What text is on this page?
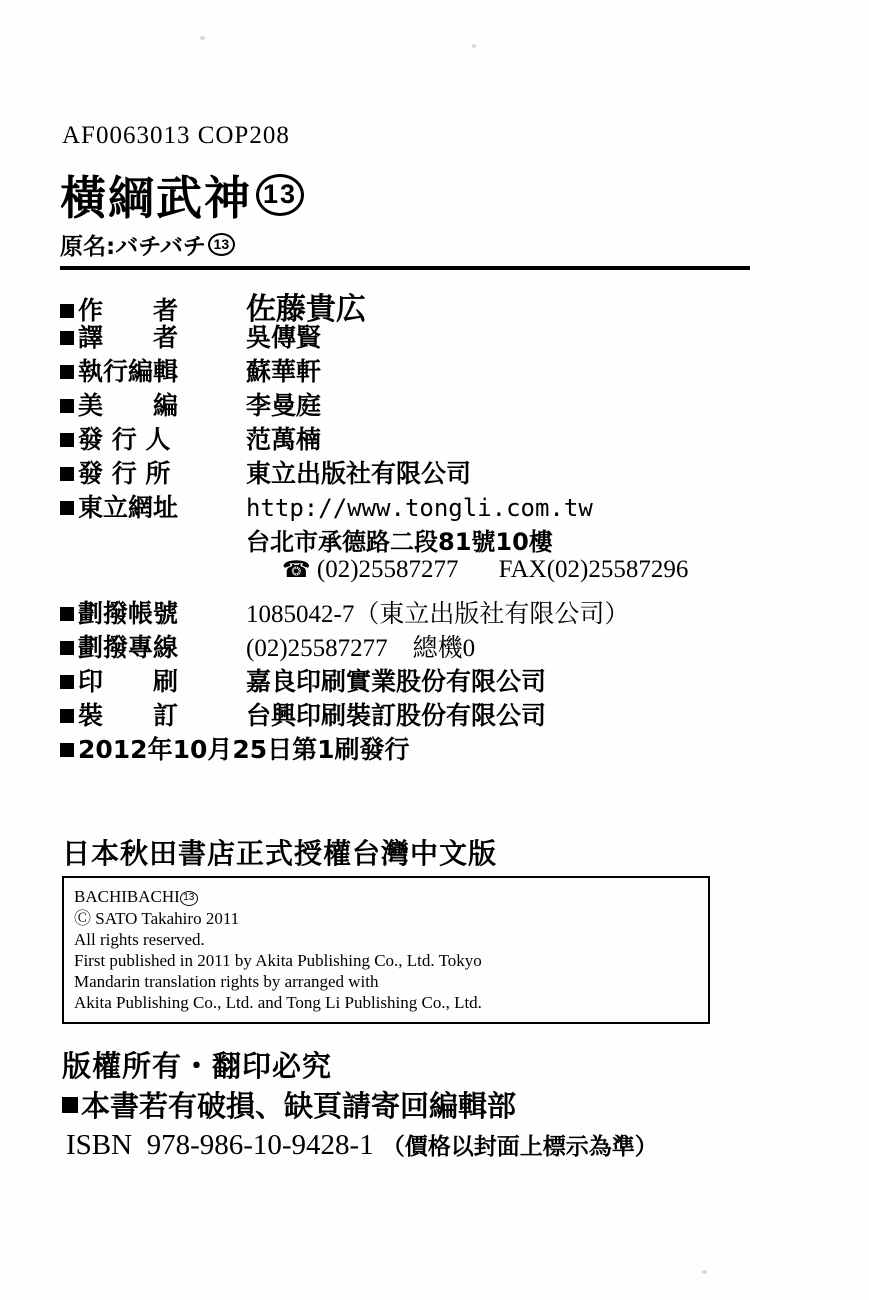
AF0063013 COP208
橫綱武神 13
原名:バチバチ 13
作　　者	佐藤貴広
譯　　者	吳傳賢
執行編輯	蘇華軒
美　　編	李曼庭
發 行 人	范萬楠
發 行 所	東立出版社有限公司
東立網址	http://www.tongli.com.tw
台北市承德路二段81號10樓
☎ (02)25587277 FAX(02)25587296
劃撥帳號	1085042-7（東立出版社有限公司）
劃撥專線	(02)25587277　總機0
印　　刷	嘉良印刷實業股份有限公司
裝　　訂	台興印刷裝訂股份有限公司
2012年10月25日第1刷發行
日本秋田書店正式授權台灣中文版
BACHIBACHI 13
Ⓒ SATO Takahiro 2011
All rights reserved.
First published in 2011 by Akita Publishing Co., Ltd. Tokyo
Mandarin translation rights by arranged with
Akita Publishing Co., Ltd. and Tong Li Publishing Co., Ltd.
版權所有・翻印必究
本書若有破損、缺頁請寄回編輯部
ISBN
978-986-10-9428-1 （價格以封面上標示為準）
